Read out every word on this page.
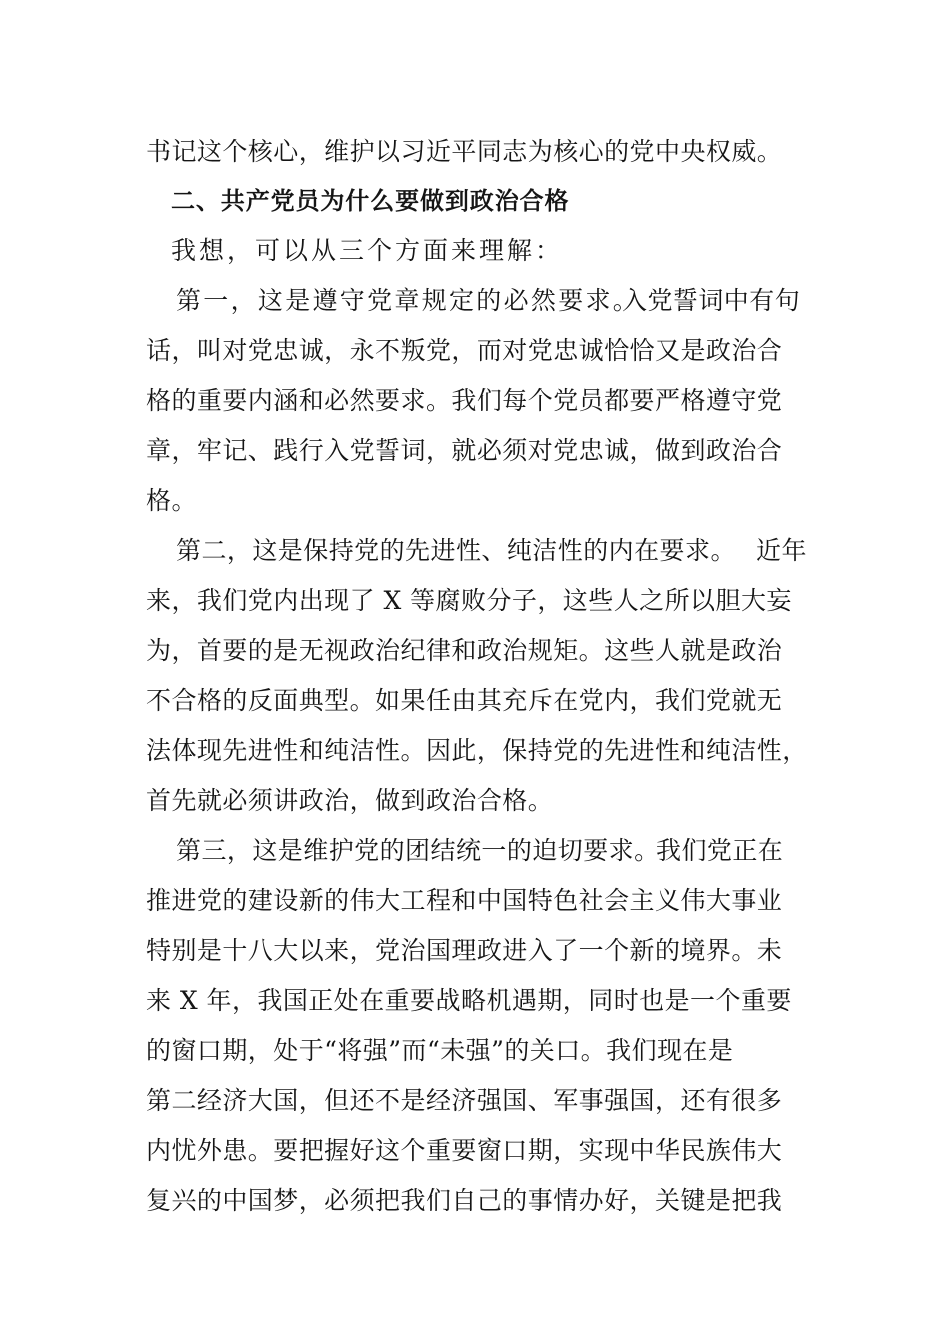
书记这个核心，维护以习近平同志为核心的党中央权威。
二、共产党员为什么要做到政治合格
我想，可以从三个方面来理解：
第一，这是遵守党章规定的必然要求。
入党誓词中有句
话，叫对党忠诚，永不叛党，而对党忠诚恰恰又是政治合
格的重要内涵和必然要求。我们每个党员都要严格遵守党
章，牢记、践行入党誓词，就必须对党忠诚，做到政治合
格。
第二，这是保持党的先进性、纯洁性的内在要求。 近年
来，我们党内出现了 X 等腐败分子，这些人之所以胆大妄
为，首要的是无视政治纪律和政治规矩。这些人就是政治
不合格的反面典型。如果任由其充斥在党内，我们党就无
法体现先进性和纯洁性。因此，保持党的先进性和纯洁性，
首先就必须讲政治，做到政治合格。
第三，这是维护党的团结统一的迫切要求。
我们党正在
推进党的建设新的伟大工程和中国特色社会主义伟大事业
特别是十八大以来，党治国理政进入了一个新的境界。未
来 X 年，我国正处在重要战略机遇期，同时也是一个重要
的窗口期，处于“将强”而“未强”的关口。我们现在是
第二经济大国，但还不是经济强国、军事强国，还有很多
内忧外患。要把握好这个重要窗口期，实现中华民族伟大
复兴的中国梦，必须把我们自己的事情办好，关键是把我
